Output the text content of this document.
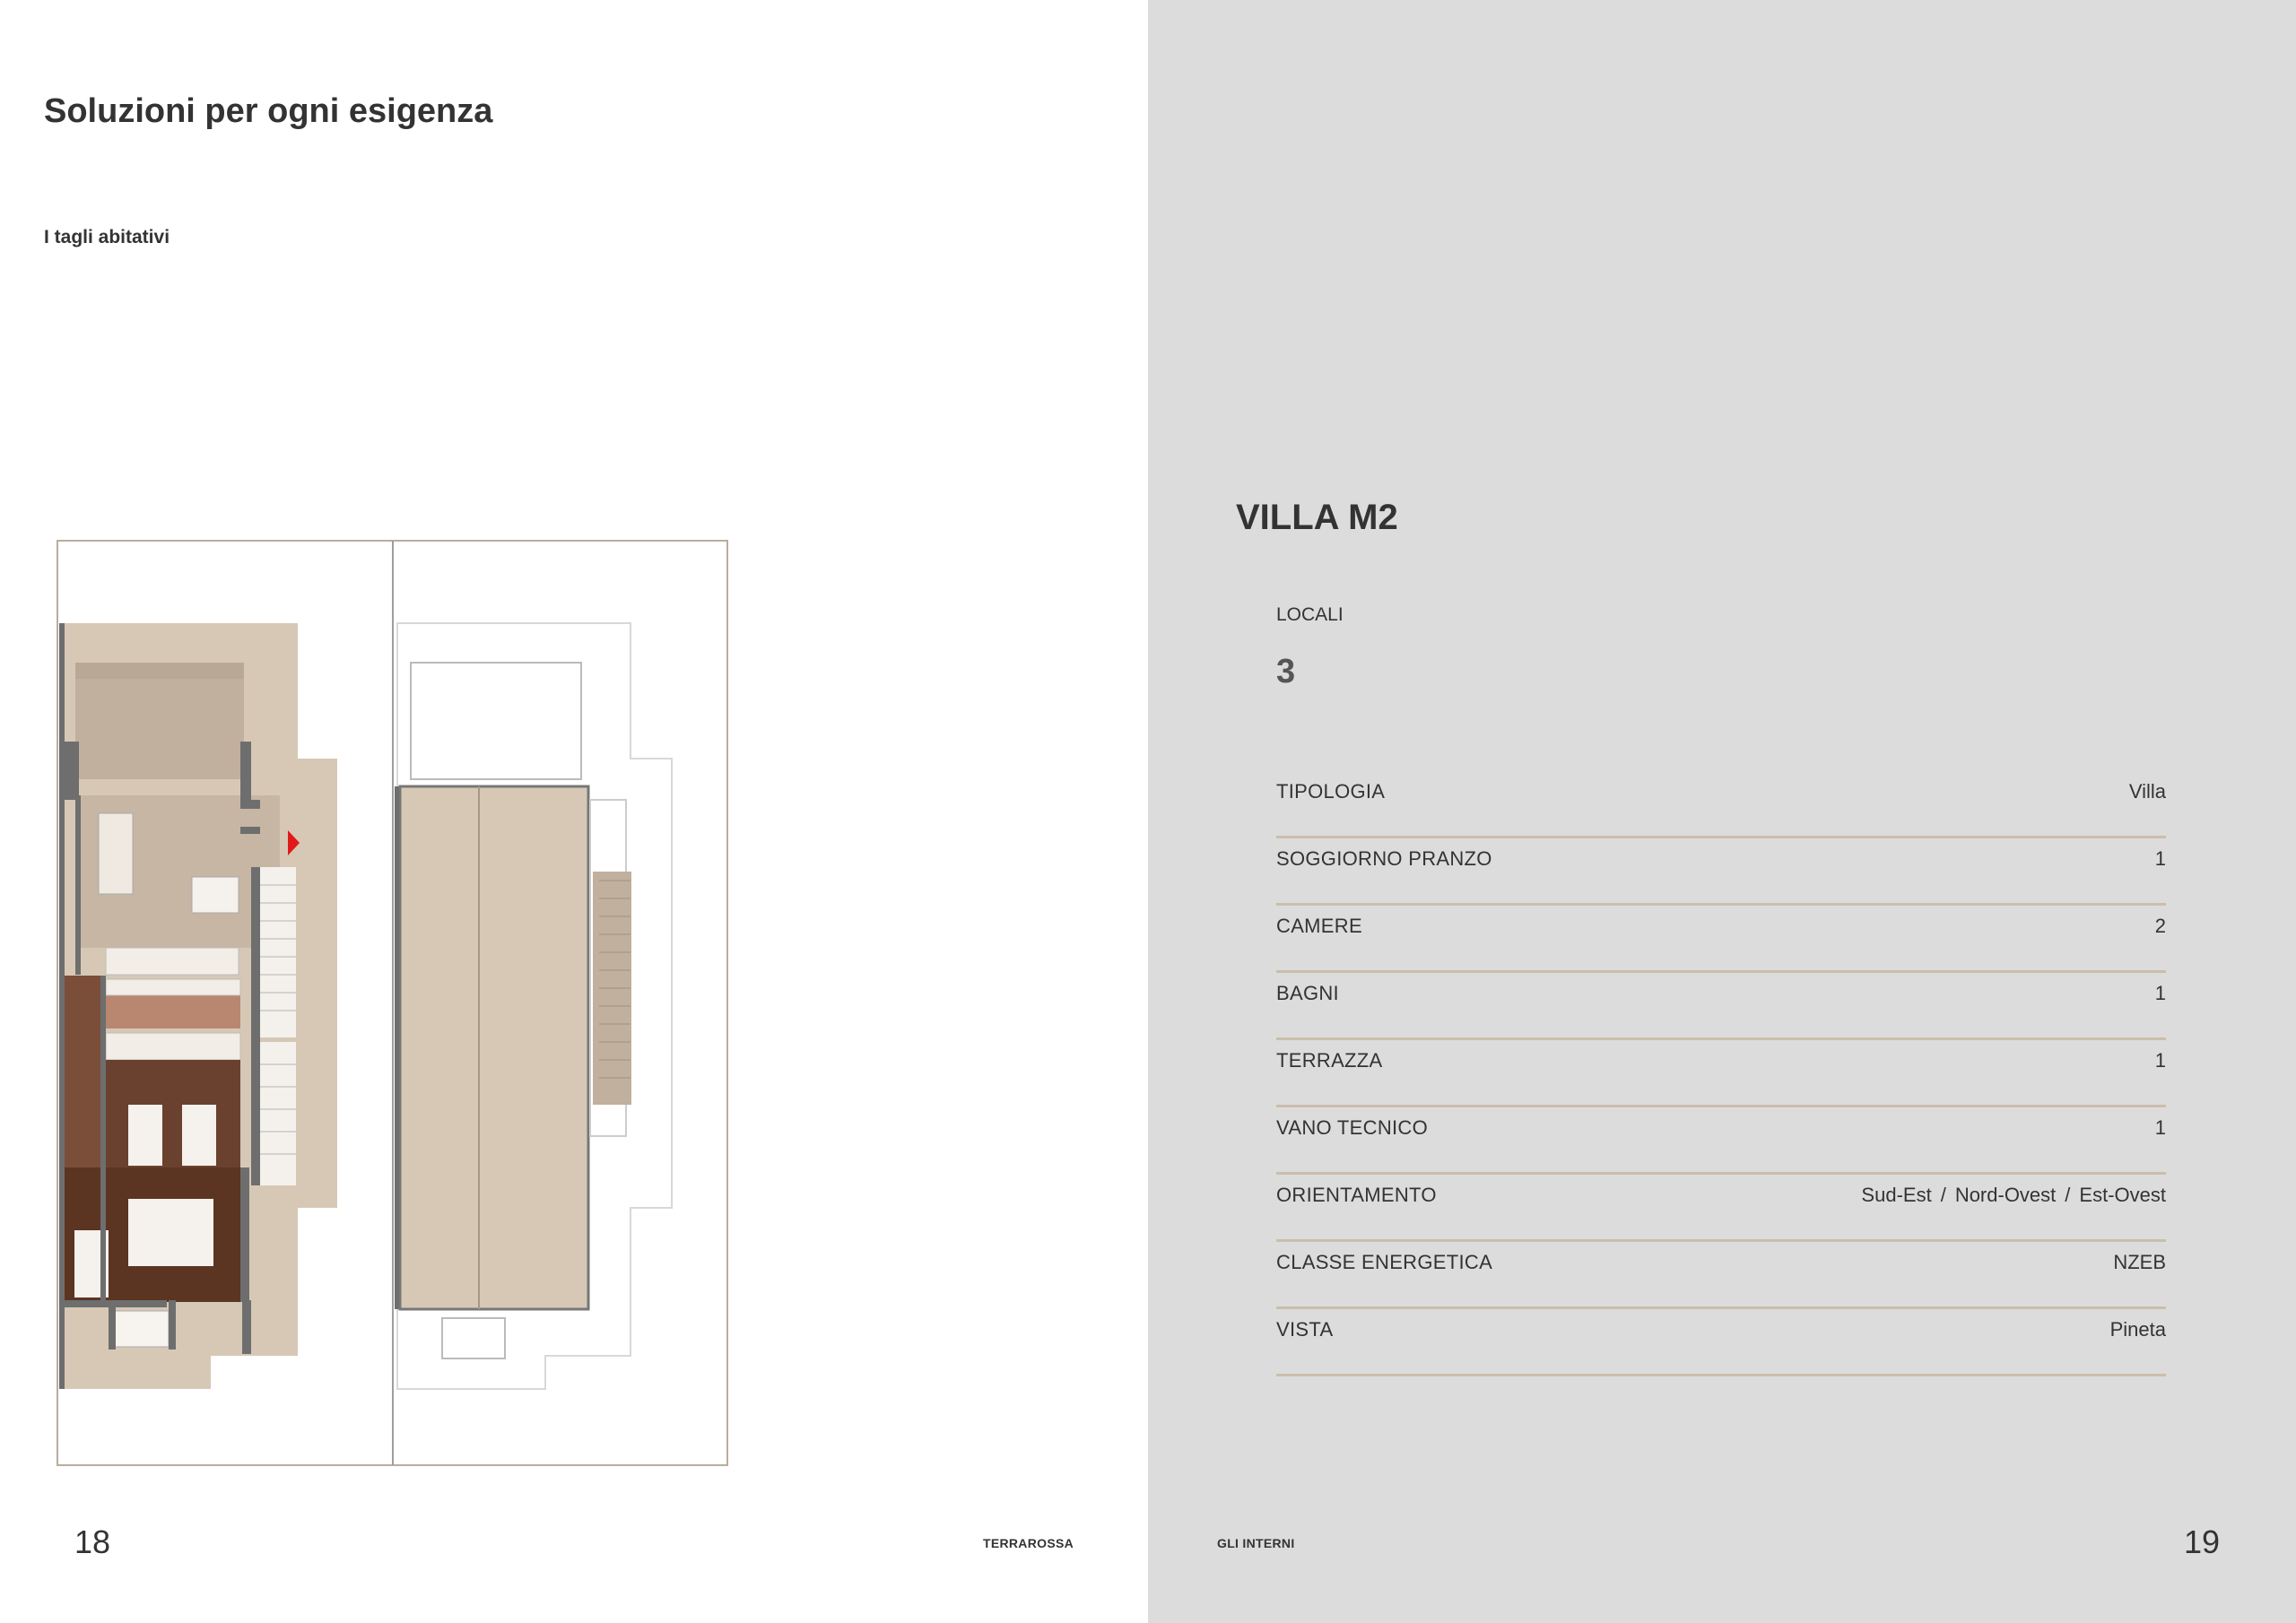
Soluzioni per ogni esigenza
I tagli abitativi
18	TERRAROSSA	GLI INTERNI	19
VILLA M2
LOCALI
3
TIPOLOGIA	Villa
SOGGIORNO PRANZO	1
CAMERE	2
BAGNI	1
TERRAZZA	1
VANO TECNICO	1
ORIENTAMENTO	Sud-Est / Nord-Ovest / Est-Ovest
CLASSE ENERGETICA	NZEB
VISTA	Pineta
